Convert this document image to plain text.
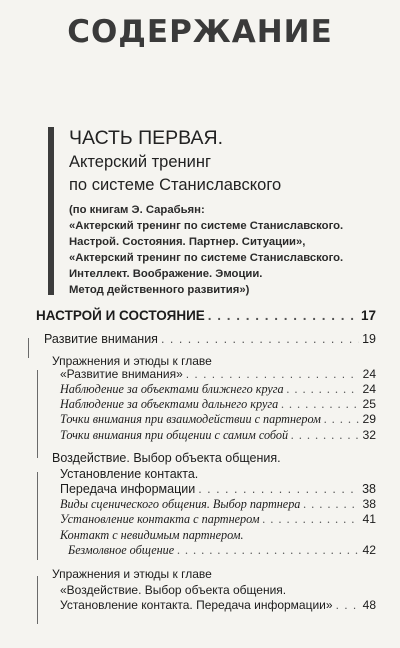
СОДЕРЖАНИЕ
ЧАСТЬ ПЕРВАЯ.
Актерский тренинг
по системе Станиславского
(по книгам Э. Сарабьян:
«Актерский тренинг по системе Станиславского.
Настрой. Состояния. Партнер. Ситуации»,
«Актерский тренинг по системе Станиславского.
Интеллект. Воображение. Эмоции.
Метод действенного развития»)
НАСТРОЙ И СОСТОЯНИЕ . . .	17
Развитие внимания . . .	19
Упражнения и этюды к главе
«Развитие внимания» . . .	24
Наблюдение за объектами ближнего круга . . .	24
Наблюдение за объектами дальнего круга . . .	25
Точки внимания при взаимодействии с партнером . . .	29
Точки внимания при общении с самим собой . . .	32
Воздействие. Выбор объекта общения.
Установление контакта.
Передача информации . . .	38
Виды сценического общения. Выбор партнера . . .	38
Установление контакта с партнером . . .	41
Контакт с невидимым партнером.
Безмолвное общение . . .	42
Упражнения и этюды к главе
«Воздействие. Выбор объекта общения.
Установление контакта. Передача информации» . . .	48
